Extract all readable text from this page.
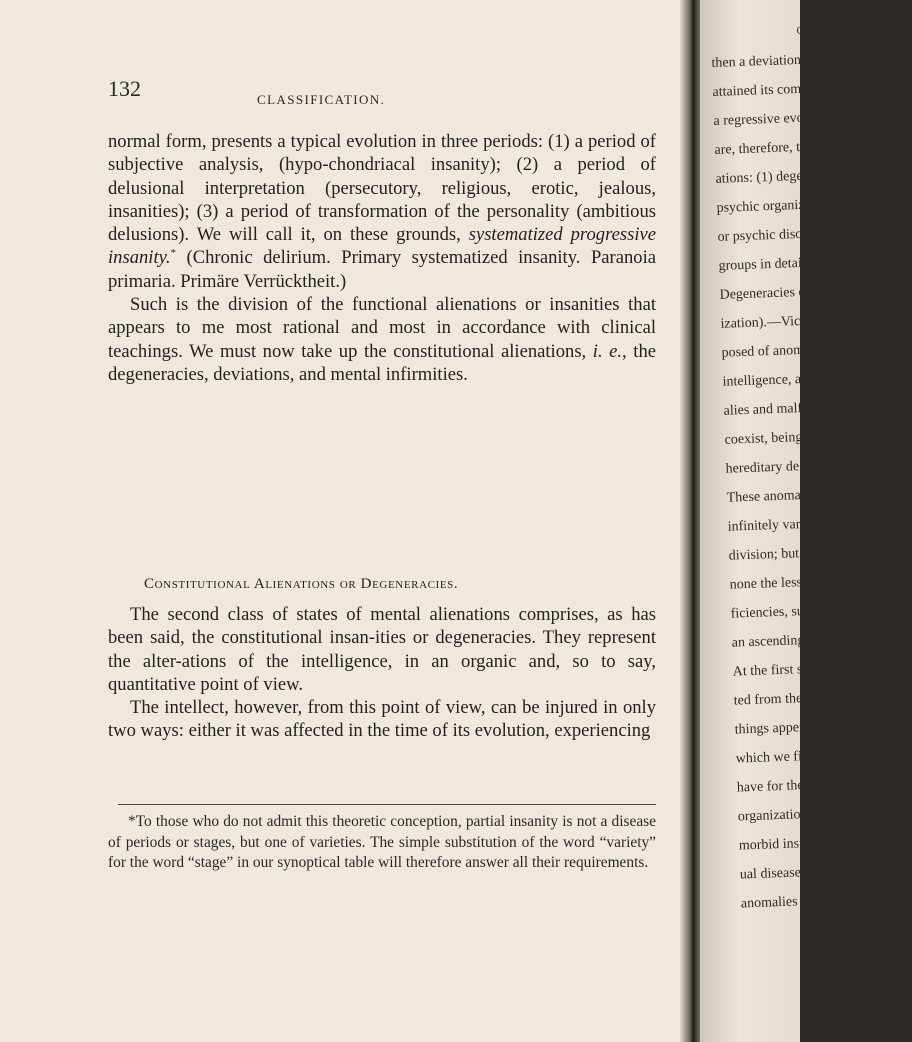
132	CLASSIFICATION.

normal form, presents a typical evolution in three periods: (1) a period of subjective analysis, (hypo-chondriacal insanity); (2) a period of delusional interpretation (persecutory, religious, erotic, jealous, insanities); (3) a period of transformation of the personality (ambitious delusions). We will call it, on these grounds, systematized progressive insanity.* (Chronic delirium. Primary systematized insanity. Paranoia primaria. Primäre Verrücktheit.)

Such is the division of the functional alienations or insanities that appears to me most rational and most in accordance with clinical teachings. We must now take up the constitutional alienations, i. e., the degeneracies, deviations, and mental infirmities.

Constitutional Alienations or Degeneracies.

The second class of states of mental alienations comprises, as has been said, the constitutional insan-ities or degeneracies. They represent the alter-ations of the intelligence, in an organic and, so to say, quantitative point of view.

The intellect, however, from this point of view, can be injured in only two ways: either it was affected in the time of its evolution, experiencing

*To those who do not admit this theoretic conception, partial insanity is not a disease of periods or stages, but one of varieties. The simple substitution of the word “variety” for the word “stage” in our synoptical table will therefore answer all their requirements.

CLASSI
then a deviation, or arrest
attained its complete de
a regressive evolution or
are, therefore, two grou
ations: (1) degeneracies
psychic organization; (2)
or psychic disorganizatio
groups in detail.
Degeneracies of Evo
ization).—Vices of psyc
posed of anomalies an
intelligence, altogether co
alies and malformations, w
coexist, being, like them,
hereditary degeneracy.
These anomalies and ma
infinitely variable, and thu
division; but, viewed in
none the less, a progress
ficiencies, susceptible of be
an ascending scale of gravi
At the first step of the la
ted from the normal by unde
things appertaining to this
which we find the defects o
have for their basis a l
organization, and for a
morbid instability. These
ual diseases; but they are alrea
anomalies of origin, that
